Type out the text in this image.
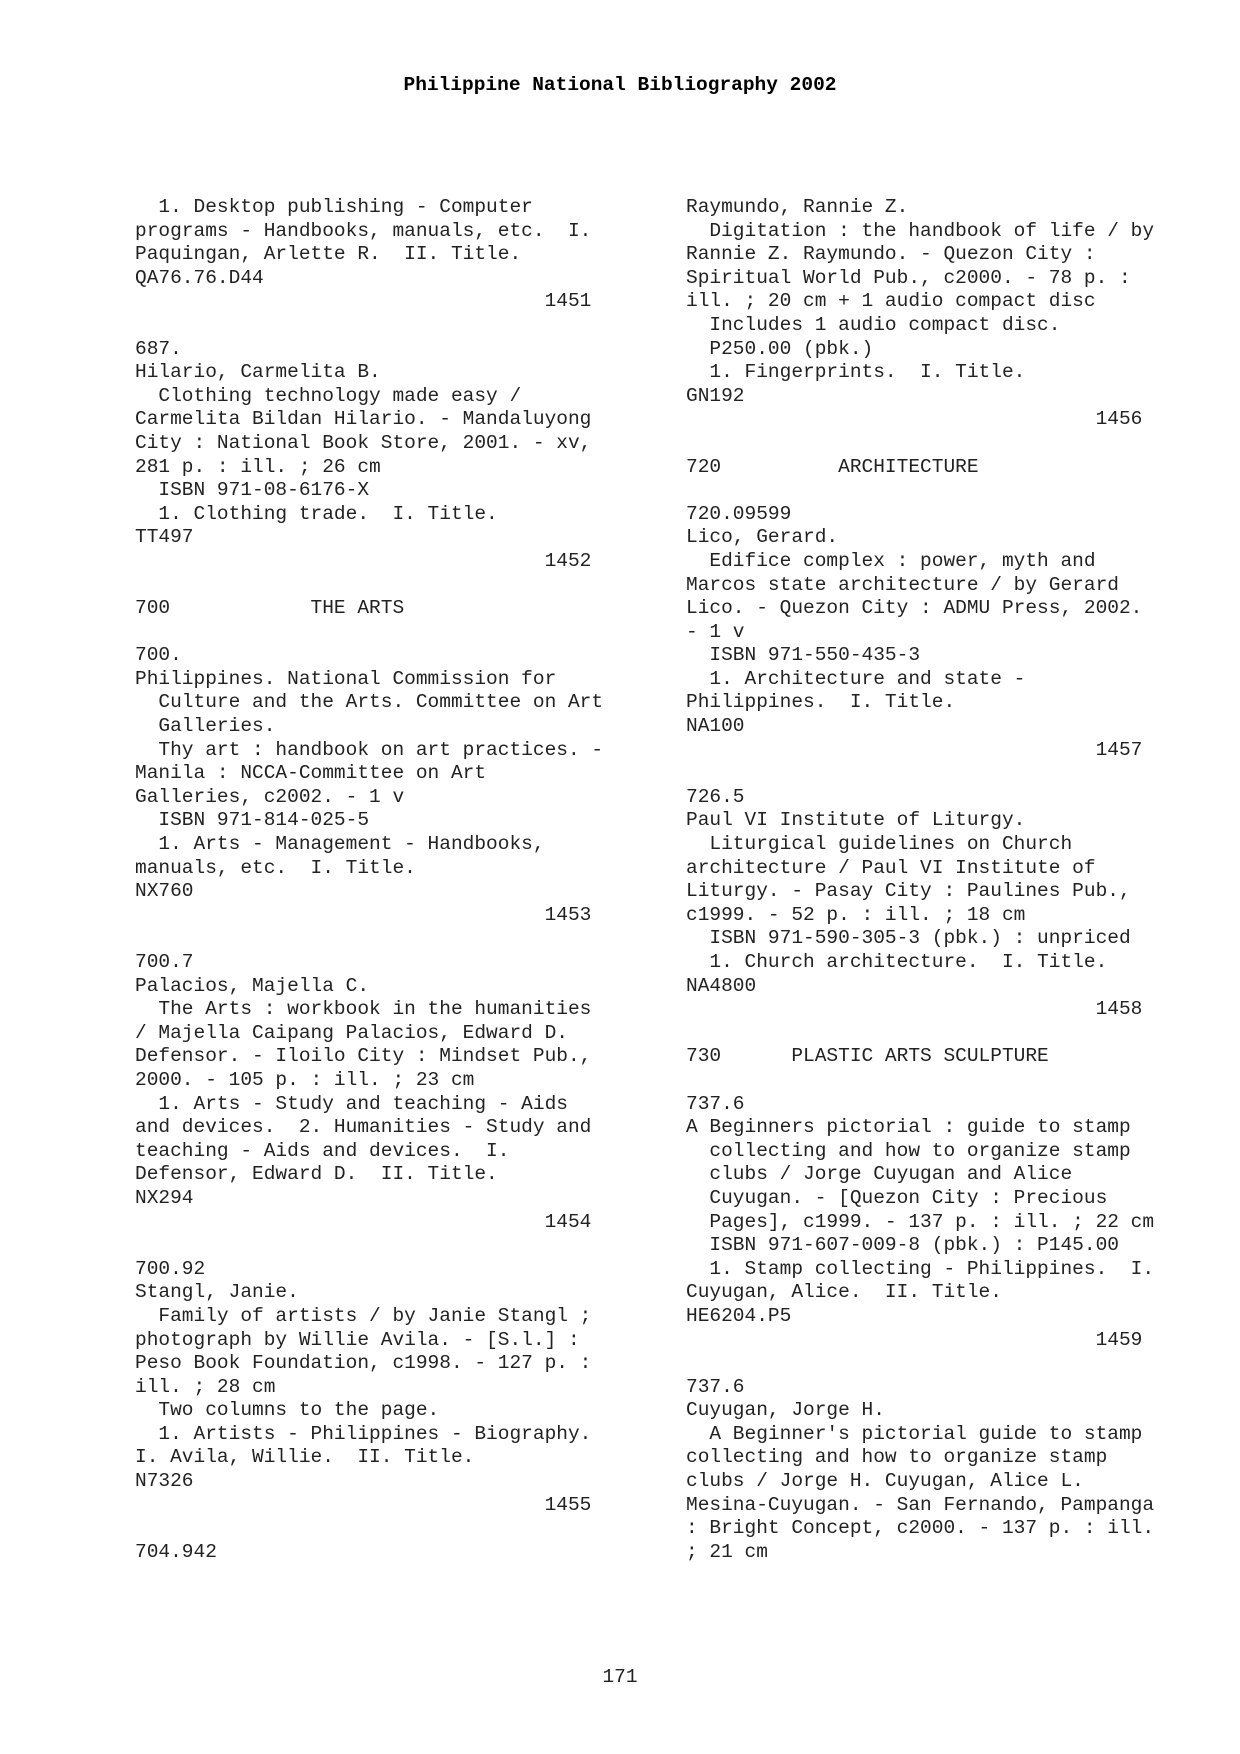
Philippine National Bibliography 2002
1. Desktop publishing - Computer
programs - Handbooks, manuals, etc.  I.
Paquingan, Arlette R.  II. Title.
QA76.76.D44
1451
687.
Hilario, Carmelita B.
Clothing technology made easy /
Carmelita Bildan Hilario. - Mandaluyong
City : National Book Store, 2001. - xv,
281 p. : ill. ; 26 cm
ISBN 971-08-6176-X
1. Clothing trade.  I. Title.
TT497
1452
700            THE ARTS
700.
Philippines. National Commission for
Culture and the Arts. Committee on Art
Galleries.
Thy art : handbook on art practices. -
Manila : NCCA-Committee on Art
Galleries, c2002. - 1 v
ISBN 971-814-025-5
1. Arts - Management - Handbooks,
manuals, etc.  I. Title.
NX760
1453
700.7
Palacios, Majella C.
The Arts : workbook in the humanities
/ Majella Caipang Palacios, Edward D.
Defensor. - Iloilo City : Mindset Pub.,
2000. - 105 p. : ill. ; 23 cm
1. Arts - Study and teaching - Aids
and devices.  2. Humanities - Study and
teaching - Aids and devices.  I.
Defensor, Edward D.  II. Title.
NX294
1454
700.92
Stangl, Janie.
Family of artists / by Janie Stangl ;
photograph by Willie Avila. - [S.l.] :
Peso Book Foundation, c1998. - 127 p. :
ill. ; 28 cm
Two columns to the page.
1. Artists - Philippines - Biography.
I. Avila, Willie.  II. Title.
N7326
1455
704.942
Raymundo, Rannie Z.
Digitation : the handbook of life / by
Rannie Z. Raymundo. - Quezon City :
Spiritual World Pub., c2000. - 78 p. :
ill. ; 20 cm + 1 audio compact disc
Includes 1 audio compact disc.
P250.00 (pbk.)
1. Fingerprints.  I. Title.
GN192
1456
720          ARCHITECTURE
720.09599
Lico, Gerard.
Edifice complex : power, myth and
Marcos state architecture / by Gerard
Lico. - Quezon City : ADMU Press, 2002.
- 1 v
ISBN 971-550-435-3
1. Architecture and state -
Philippines.  I. Title.
NA100
1457
726.5
Paul VI Institute of Liturgy.
Liturgical guidelines on Church
architecture / Paul VI Institute of
Liturgy. - Pasay City : Paulines Pub.,
c1999. - 52 p. : ill. ; 18 cm
ISBN 971-590-305-3 (pbk.) : unpriced
1. Church architecture.  I. Title.
NA4800
1458
730      PLASTIC ARTS SCULPTURE
737.6
A Beginners pictorial : guide to stamp
collecting and how to organize stamp
clubs / Jorge Cuyugan and Alice
Cuyugan. - [Quezon City : Precious
Pages], c1999. - 137 p. : ill. ; 22 cm
ISBN 971-607-009-8 (pbk.) : P145.00
1. Stamp collecting - Philippines.  I.
Cuyugan, Alice.  II. Title.
HE6204.P5
1459
737.6
Cuyugan, Jorge H.
A Beginner's pictorial guide to stamp
collecting and how to organize stamp
clubs / Jorge H. Cuyugan, Alice L.
Mesina-Cuyugan. - San Fernando, Pampanga
: Bright Concept, c2000. - 137 p. : ill.
; 21 cm
171
